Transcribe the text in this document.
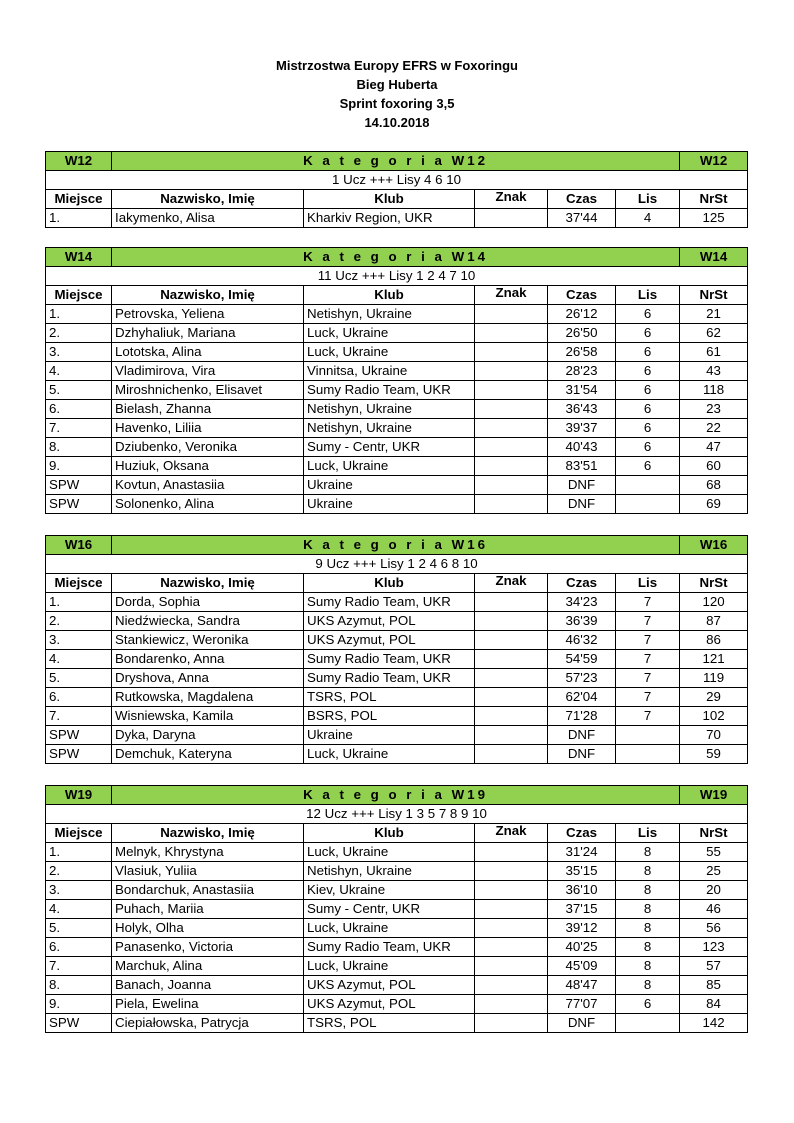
Mistrzostwa Europy EFRS w Foxoringu
Bieg Huberta
Sprint foxoring 3,5
14.10.2018
W12	K a t e g o r i a W12					W12
1 Ucz +++ Lisy 4 6 10						
Miejsce	Nazwisko, Imię	Klub	Znak	Czas	Lis	NrSt
1.	Iakymenko, Alisa	Kharkiv Region, UKR		37'44	4	125
W14	K a t e g o r i a W14					W14
11 Ucz +++ Lisy 1 2 4 7 10						
Miejsce	Nazwisko, Imię	Klub	Znak	Czas	Lis	NrSt
1.	Petrovska, Yeliena	Netishyn, Ukraine		26'12	6	21
2.	Dzhyhaliuk, Mariana	Luck, Ukraine		26'50	6	62
3.	Lototska, Alina	Luck, Ukraine		26'58	6	61
4.	Vladimirova, Vira	Vinnitsa, Ukraine		28'23	6	43
5.	Miroshnichenko, Elisavet	Sumy Radio Team, UKR		31'54	6	118
6.	Bielash, Zhanna	Netishyn, Ukraine		36'43	6	23
7.	Havenko, Liliia	Netishyn, Ukraine		39'37	6	22
8.	Dziubenko, Veronika	Sumy - Centr, UKR		40'43	6	47
9.	Huziuk, Oksana	Luck, Ukraine		83'51	6	60
SPW	Kovtun, Anastasiia	Ukraine		DNF		68
SPW	Solonenko, Alina	Ukraine		DNF		69
W16	K a t e g o r i a W16					W16
9 Ucz +++ Lisy 1 2 4 6 8 10						
Miejsce	Nazwisko, Imię	Klub	Znak	Czas	Lis	NrSt
1.	Dorda, Sophia	Sumy Radio Team, UKR		34'23	7	120
2.	Niedźwiecka, Sandra	UKS Azymut, POL		36'39	7	87
3.	Stankiewicz, Weronika	UKS Azymut, POL		46'32	7	86
4.	Bondarenko, Anna	Sumy Radio Team, UKR		54'59	7	121
5.	Dryshova, Anna	Sumy Radio Team, UKR		57'23	7	119
6.	Rutkowska, Magdalena	TSRS, POL		62'04	7	29
7.	Wisniewska, Kamila	BSRS, POL		71'28	7	102
SPW	Dyka, Daryna	Ukraine		DNF		70
SPW	Demchuk, Kateryna	Luck, Ukraine		DNF		59
W19	K a t e g o r i a W19					W19
12 Ucz +++ Lisy 1 3 5 7 8 9 10						
Miejsce	Nazwisko, Imię	Klub	Znak	Czas	Lis	NrSt
1.	Melnyk, Khrystyna	Luck, Ukraine		31'24	8	55
2.	Vlasiuk, Yuliia	Netishyn, Ukraine		35'15	8	25
3.	Bondarchuk, Anastasiia	Kiev, Ukraine		36'10	8	20
4.	Puhach, Mariia	Sumy - Centr, UKR		37'15	8	46
5.	Holyk, Olha	Luck, Ukraine		39'12	8	56
6.	Panasenko, Victoria	Sumy Radio Team, UKR		40'25	8	123
7.	Marchuk, Alina	Luck, Ukraine		45'09	8	57
8.	Banach, Joanna	UKS Azymut, POL		48'47	8	85
9.	Piela, Ewelina	UKS Azymut, POL		77'07	6	84
SPW	Ciepiałowska, Patrycja	TSRS, POL		DNF		142
